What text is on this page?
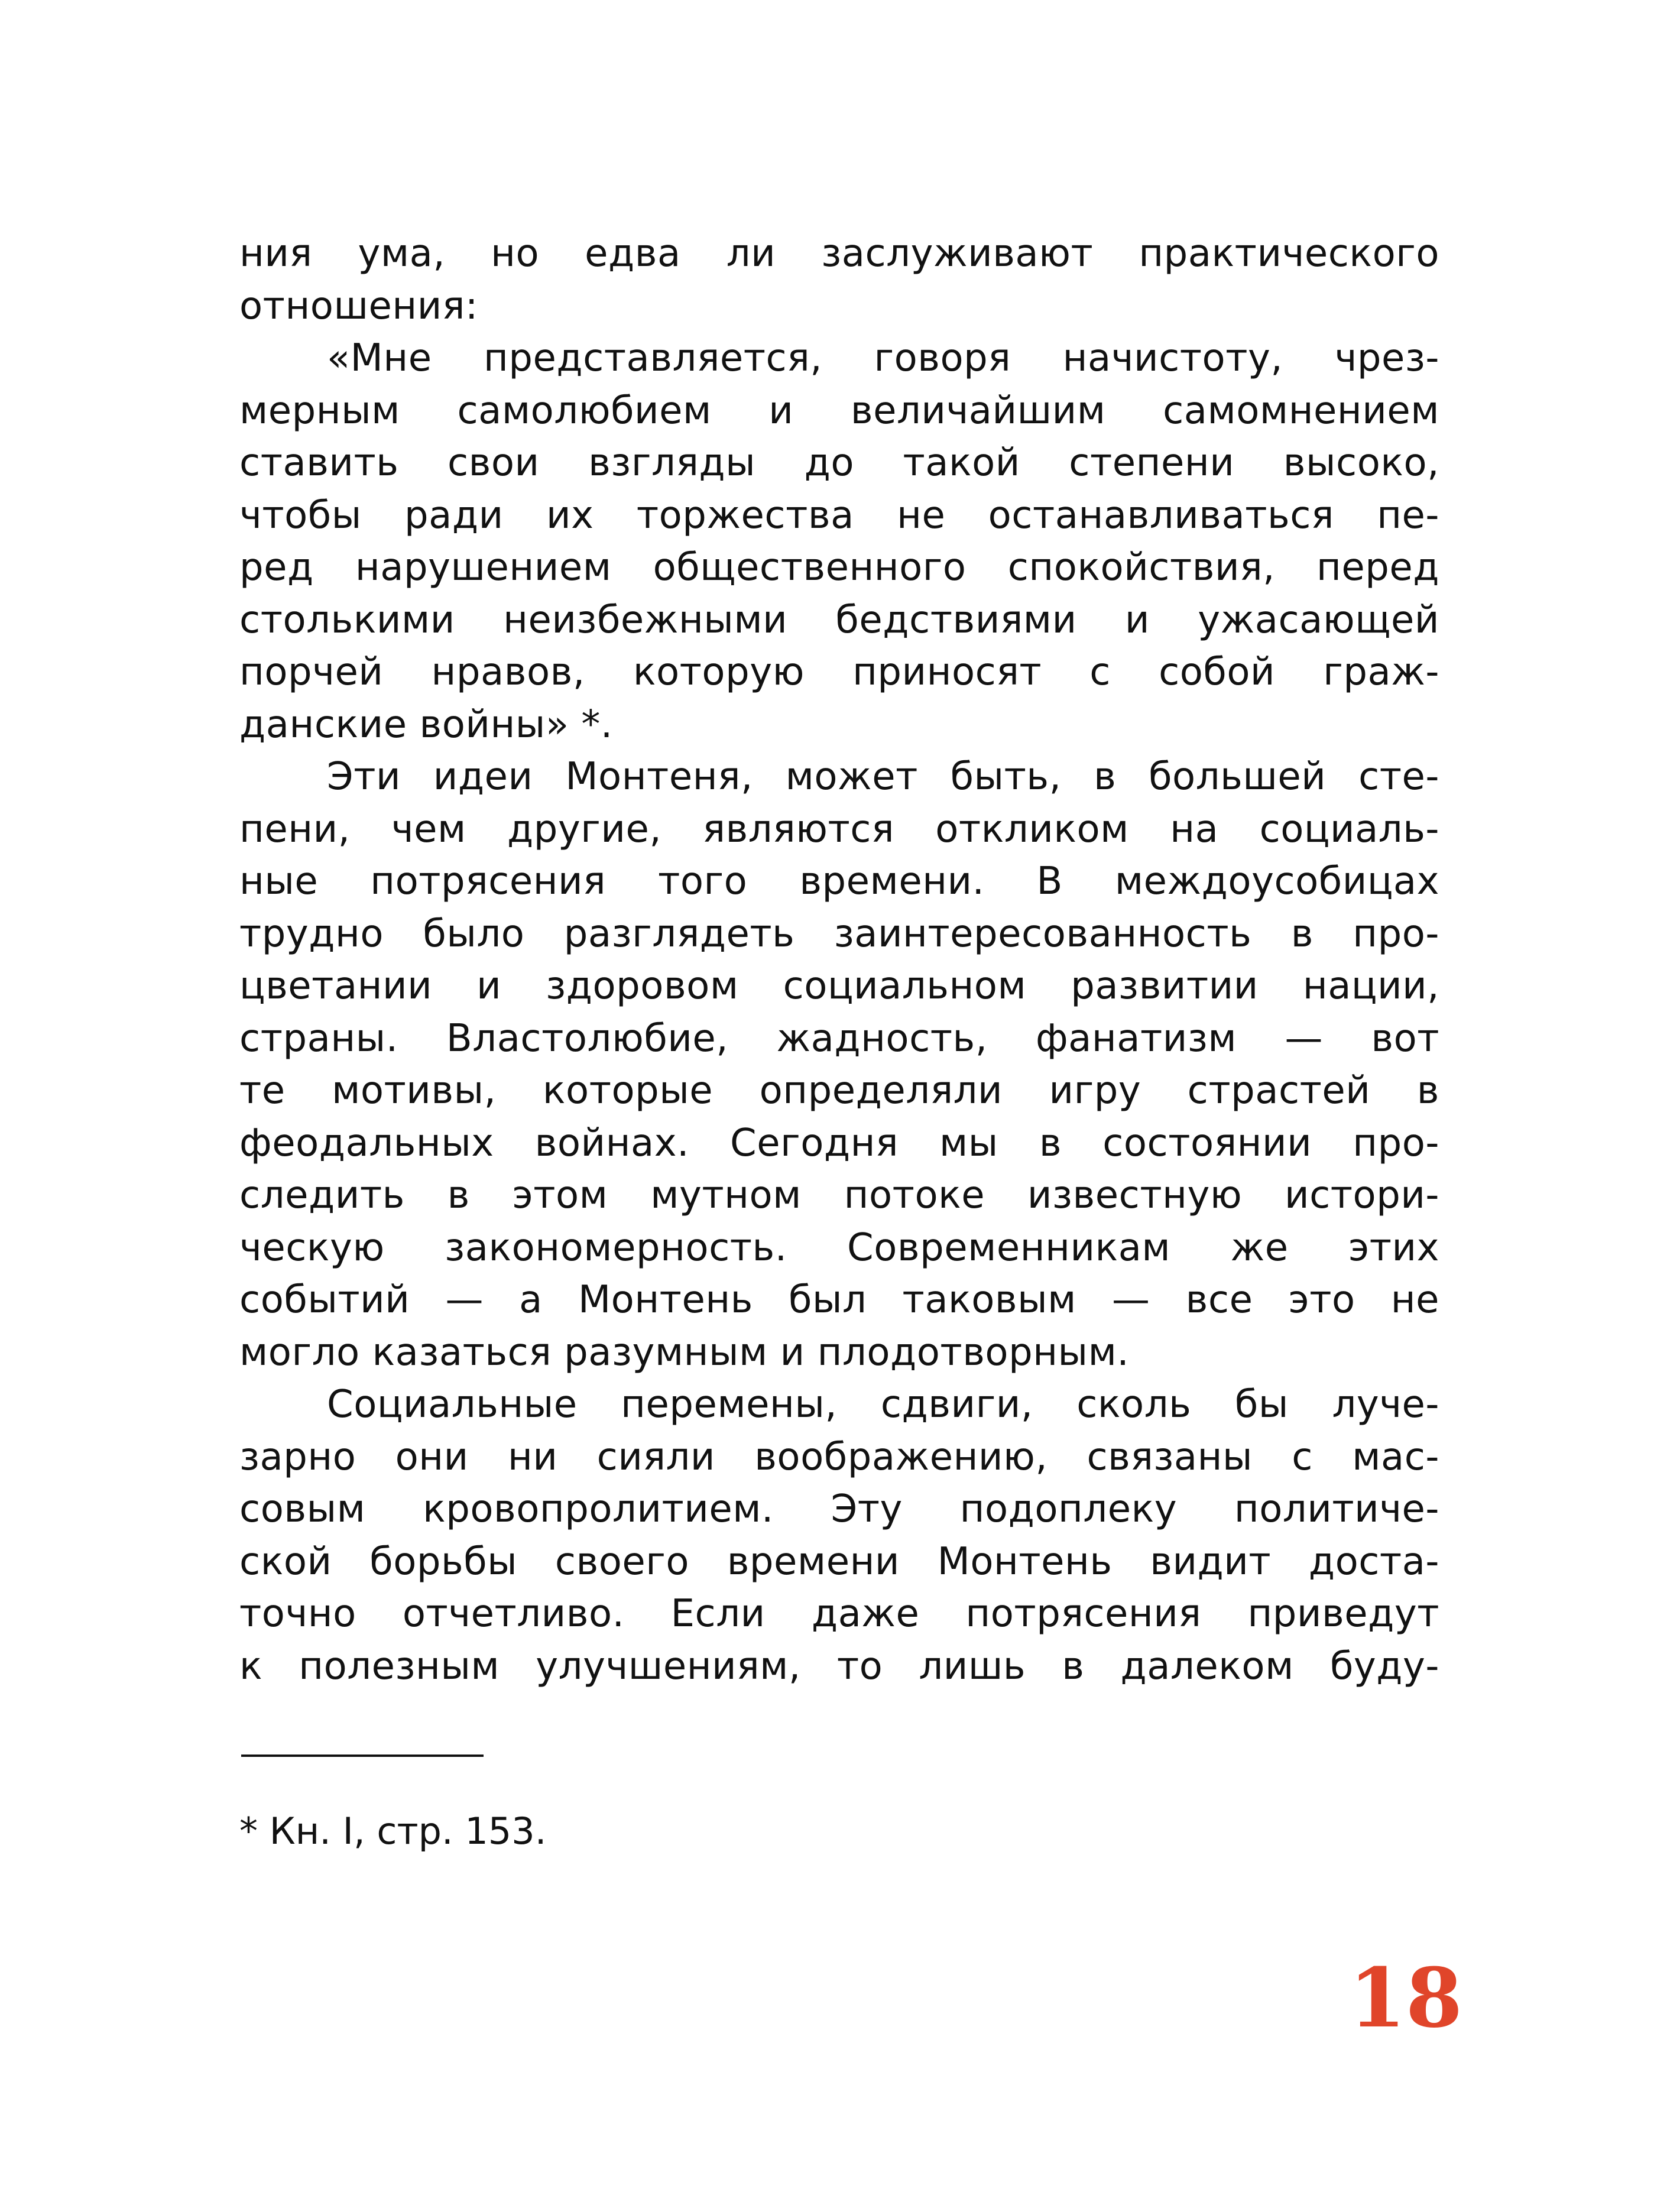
ния ума, но едва ли заслуживают практического
отношения:
«Мне представляется, говоря начистоту, чрез-
мерным самолюбием и величайшим самомнением
ставить свои взгляды до такой степени высоко,
чтобы ради их торжества не останавливаться пе-
ред нарушением общественного спокойствия, перед
столькими неизбежными бедствиями и ужасающей
порчей нравов, которую приносят с собой граж-
данские войны» *.
Эти идеи Монтеня, может быть, в большей сте-
пени, чем другие, являются откликом на социаль-
ные потрясения того времени. В междоусобицах
трудно было разглядеть заинтересованность в про-
цветании и здоровом социальном развитии нации,
страны. Властолюбие, жадность, фанатизм — вот
те мотивы, которые определяли игру страстей в
феодальных войнах. Сегодня мы в состоянии про-
следить в этом мутном потоке известную истори-
ческую закономерность. Современникам же этих
событий — а Монтень был таковым — все это не
могло казаться разумным и плодотворным.
Социальные перемены, сдвиги, сколь бы луче-
зарно они ни сияли воображению, связаны с мас-
совым кровопролитием. Эту подоплеку политиче-
ской борьбы своего времени Монтень видит доста-
точно отчетливо. Если даже потрясения приведут
к полезным улучшениям, то лишь в далеком буду-
* Кн. I, стр. 153.
18
